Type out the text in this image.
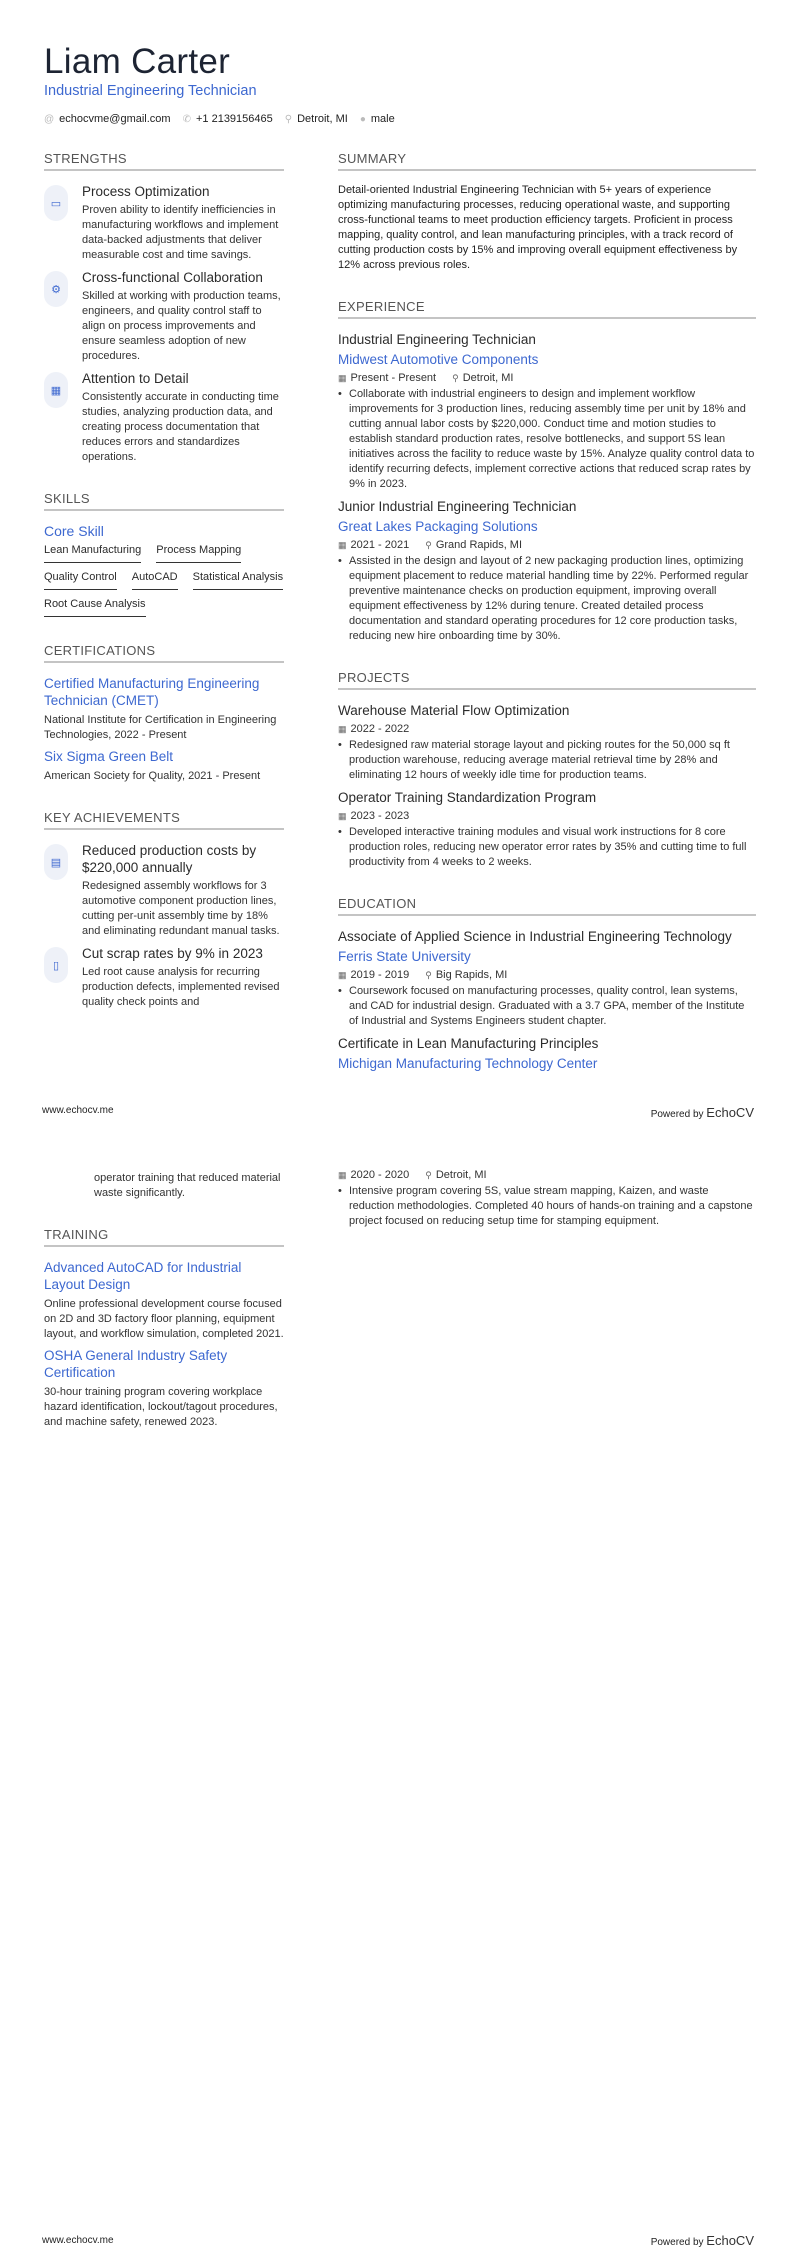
Liam Carter
Industrial Engineering Technician
@ echocvme@gmail.com ✆ +1 2139156465 ⚲ Detroit, MI ● male
STRENGTHS
▭
Process Optimization
Proven ability to identify inefficiencies in manufacturing workflows and implement data-backed adjustments that deliver measurable cost and time savings.
⚙
Cross-functional Collaboration
Skilled at working with production teams, engineers, and quality control staff to align on process improvements and ensure seamless adoption of new procedures.
▦
Attention to Detail
Consistently accurate in conducting time studies, analyzing production data, and creating process documentation that reduces errors and standardizes operations.
SKILLS
Core Skill
Lean Manufacturing Process Mapping
Quality Control AutoCAD Statistical Analysis
Root Cause Analysis
CERTIFICATIONS
Certified Manufacturing Engineering Technician (CMET)
National Institute for Certification in Engineering Technologies, 2022 - Present
Six Sigma Green Belt
American Society for Quality, 2021 - Present
KEY ACHIEVEMENTS
▤
Reduced production costs by $220,000 annually
Redesigned assembly workflows for 3 automotive component production lines, cutting per-unit assembly time by 18% and eliminating redundant manual tasks.
▯
Cut scrap rates by 9% in 2023
Led root cause analysis for recurring production defects, implemented revised quality check points and
SUMMARY

Detail-oriented Industrial Engineering Technician with 5+ years of experience optimizing manufacturing processes, reducing operational waste, and supporting cross-functional teams to meet production efficiency targets. Proficient in process mapping, quality control, and lean manufacturing principles, with a track record of cutting production costs by 15% and improving overall equipment effectiveness by 12% across previous roles.

EXPERIENCE
Industrial Engineering Technician
Midwest Automotive Components
▦ Present - Present ⚲ Detroit, MI
• Collaborate with industrial engineers to design and implement workflow improvements for 3 production lines, reducing assembly time per unit by 18% and cutting annual labor costs by $220,000. Conduct time and motion studies to establish standard production rates, resolve bottlenecks, and support 5S lean initiatives across the facility to reduce waste by 15%. Analyze quality control data to identify recurring defects, implement corrective actions that reduced scrap rates by 9% in 2023.
Junior Industrial Engineering Technician
Great Lakes Packaging Solutions
▦ 2021 - 2021 ⚲ Grand Rapids, MI
• Assisted in the design and layout of 2 new packaging production lines, optimizing equipment placement to reduce material handling time by 22%. Performed regular preventive maintenance checks on production equipment, improving overall equipment effectiveness by 12% during tenure. Created detailed process documentation and standard operating procedures for 12 core production tasks, reducing new hire onboarding time by 30%.
PROJECTS
Warehouse Material Flow Optimization
▦ 2022 - 2022
• Redesigned raw material storage layout and picking routes for the 50,000 sq ft production warehouse, reducing average material retrieval time by 28% and eliminating 12 hours of weekly idle time for production teams.
Operator Training Standardization Program
▦ 2023 - 2023
• Developed interactive training modules and visual work instructions for 8 core production roles, reducing new operator error rates by 35% and cutting time to full productivity from 4 weeks to 2 weeks.
EDUCATION
Associate of Applied Science in Industrial Engineering Technology
Ferris State University
▦ 2019 - 2019 ⚲ Big Rapids, MI
• Coursework focused on manufacturing processes, quality control, lean systems, and CAD for industrial design. Graduated with a 3.7 GPA, member of the Institute of Industrial and Systems Engineers student chapter.
Certificate in Lean Manufacturing Principles
Michigan Manufacturing Technology Center
www.echocv.me	Powered by EchoCV
operator training that reduced material waste significantly.
TRAINING
Advanced AutoCAD for Industrial Layout Design
Online professional development course focused on 2D and 3D factory floor planning, equipment layout, and workflow simulation, completed 2021.
OSHA General Industry Safety Certification
30-hour training program covering workplace hazard identification, lockout/tagout procedures, and machine safety, renewed 2023.
▦ 2020 - 2020 ⚲ Detroit, MI
• Intensive program covering 5S, value stream mapping, Kaizen, and waste reduction methodologies. Completed 40 hours of hands-on training and a capstone project focused on reducing setup time for stamping equipment.
www.echocv.me	Powered by EchoCV
